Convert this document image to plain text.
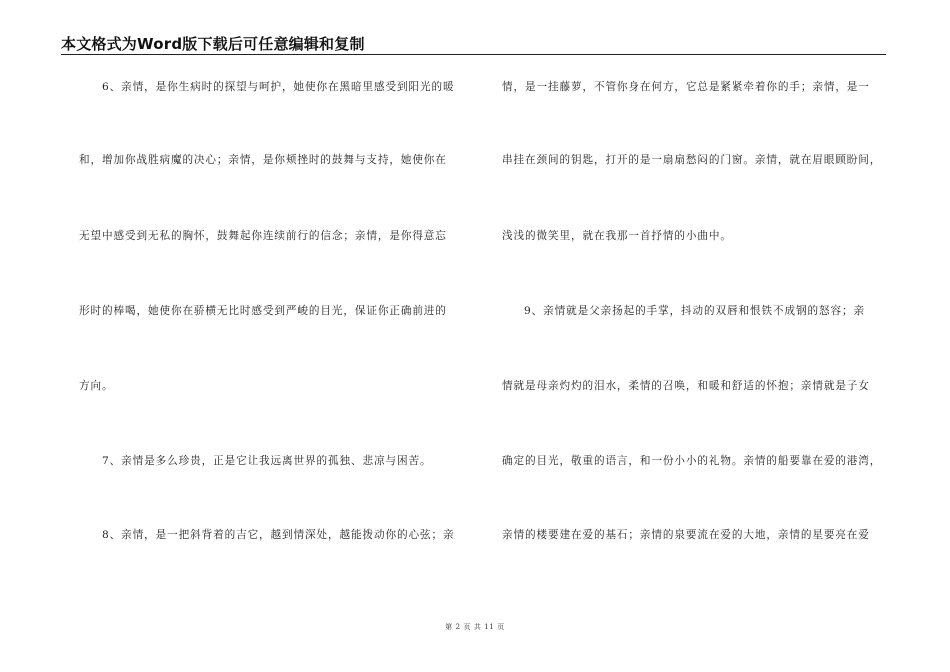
本文格式为Word版下载后可任意编辑和复制
6、亲情，是你生病时的探望与呵护，她使你在黑暗里感受到阳光的暖
和，增加你战胜病魔的决心；亲情，是你颊挫时的鼓舞与支持，她使你在
无望中感受到无私的胸怀，鼓舞起你连续前行的信念；亲情，是你得意忘
形时的棒喝，她使你在骄横无比时感受到严峻的目光，保证你正确前进的
方向。
7、亲情是多么珍贵，正是它让我远离世界的孤独、悲凉与困苦。
8、亲情，是一把斜背着的吉它，越到情深处，越能拨动你的心弦；亲
情，是一挂藤萝，不管你身在何方，它总是紧紧牵着你的手；亲情，是一
串挂在颈间的钥匙，打开的是一扇扇愁闷的门窗。亲情，就在眉眼顾盼间，
浅浅的微笑里，就在我那一首抒情的小曲中。
9、亲情就是父亲扬起的手掌，抖动的双唇和恨铁不成钢的怒容；亲
情就是母亲灼灼的泪水，柔情的召唤，和暖和舒适的怀抱；亲情就是子女
确定的目光，敬重的语言，和一份小小的礼物。亲情的船要靠在爱的港湾，
亲情的楼要建在爱的基石；亲情的泉要流在爱的大地，亲情的星要亮在爱
第 2 页 共 11 页
